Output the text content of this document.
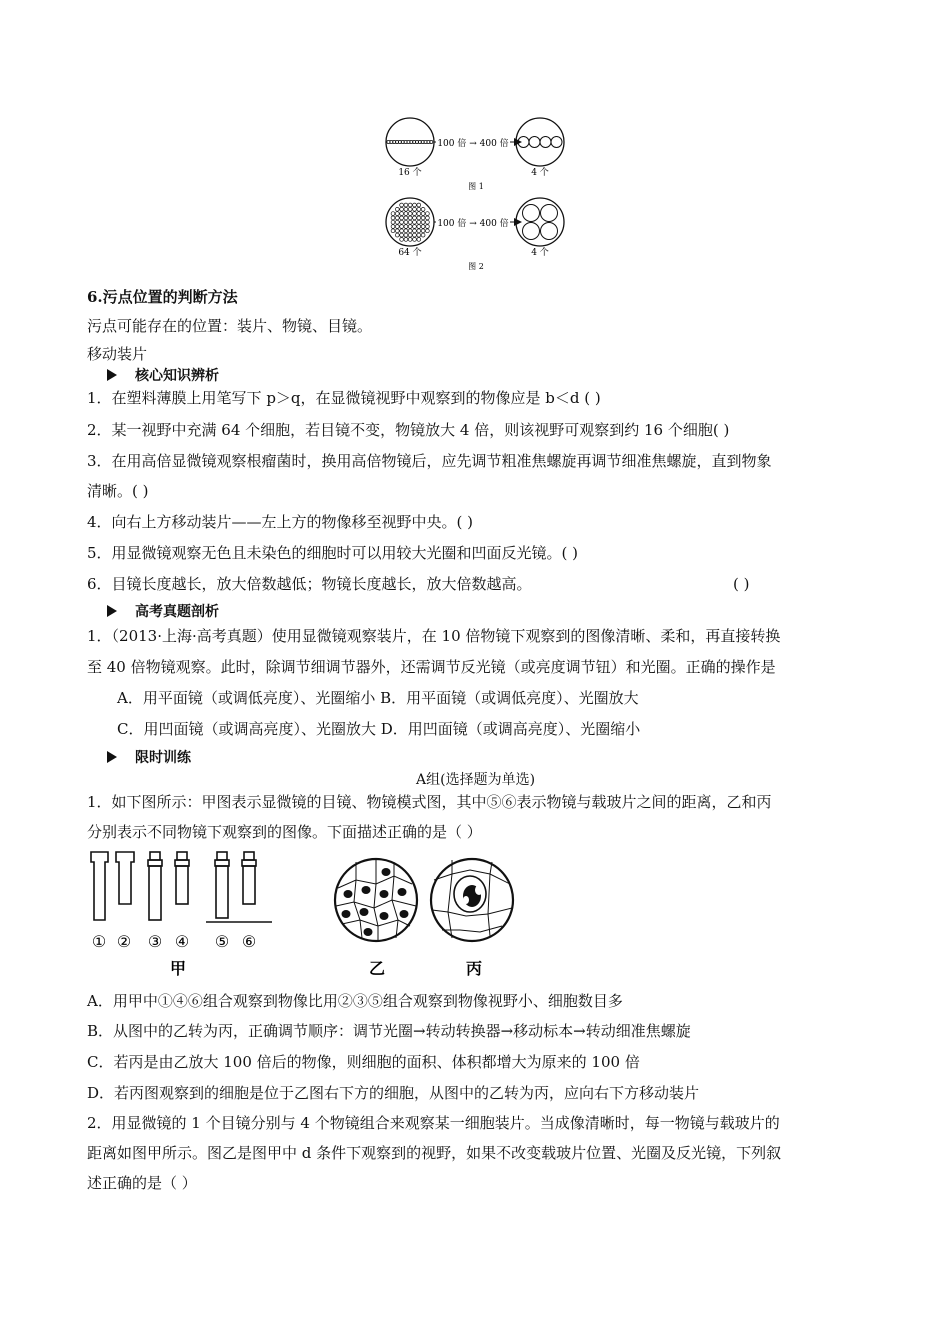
100 倍 → 400 倍
16 个	4 个
图 1
100 倍 → 400 倍
64 个	4 个
图 2
6.污点位置的判断方法
污点可能存在的位置：装片、物镜、目镜。
移动装片
核心知识辨析
1．在塑料薄膜上用笔写下 p＞q，在显微镜视野中观察到的物像应是 b＜d ( )
2．某一视野中充满 64 个细胞，若目镜不变，物镜放大 4 倍，则该视野可观察到约 16 个细胞( )
3．在用高倍显微镜观察根瘤菌时，换用高倍物镜后，应先调节粗准焦螺旋再调节细准焦螺旋，直到物象
清晰。( )
4．向右上方移动装片——左上方的物像移至视野中央。( )
5．用显微镜观察无色且未染色的细胞时可以用较大光圈和凹面反光镜。( )
6．目镜长度越长，放大倍数越低；物镜长度越长，放大倍数越高。	( )
高考真题剖析
1．（2013·上海·高考真题）使用显微镜观察装片，在 10 倍物镜下观察到的图像清晰、柔和，再直接转换
至 40 倍物镜观察。此时，除调节细调节器外，还需调节反光镜（或亮度调节钮）和光圈。正确的操作是
A．用平面镜（或调低亮度）、光圈缩小 B．用平面镜（或调低亮度）、光圈放大
C．用凹面镜（或调高亮度）、光圈放大 D．用凹面镜（或调高亮度）、光圈缩小
限时训练
A组(选择题为单选)
1．如下图所示：甲图表示显微镜的目镜、物镜模式图，其中⑤⑥表示物镜与载玻片之间的距离，乙和丙
分别表示不同物镜下观察到的图像。下面描述正确的是（ ）
① ② ③ ④ ⑤ ⑥
甲	乙	丙
A．用甲中①④⑥组合观察到物像比用②③⑤组合观察到物像视野小、细胞数目多
B．从图中的乙转为丙，正确调节顺序：调节光圈→转动转换器→移动标本→转动细准焦螺旋
C．若丙是由乙放大 100 倍后的物像，则细胞的面积、体积都增大为原来的 100 倍
D．若丙图观察到的细胞是位于乙图右下方的细胞，从图中的乙转为丙，应向右下方移动装片
2．用显微镜的 1 个目镜分别与 4 个物镜组合来观察某一细胞装片。当成像清晰时，每一物镜与载玻片的
距离如图甲所示。图乙是图甲中 d 条件下观察到的视野，如果不改变载玻片位置、光圈及反光镜，下列叙
述正确的是（ ）
